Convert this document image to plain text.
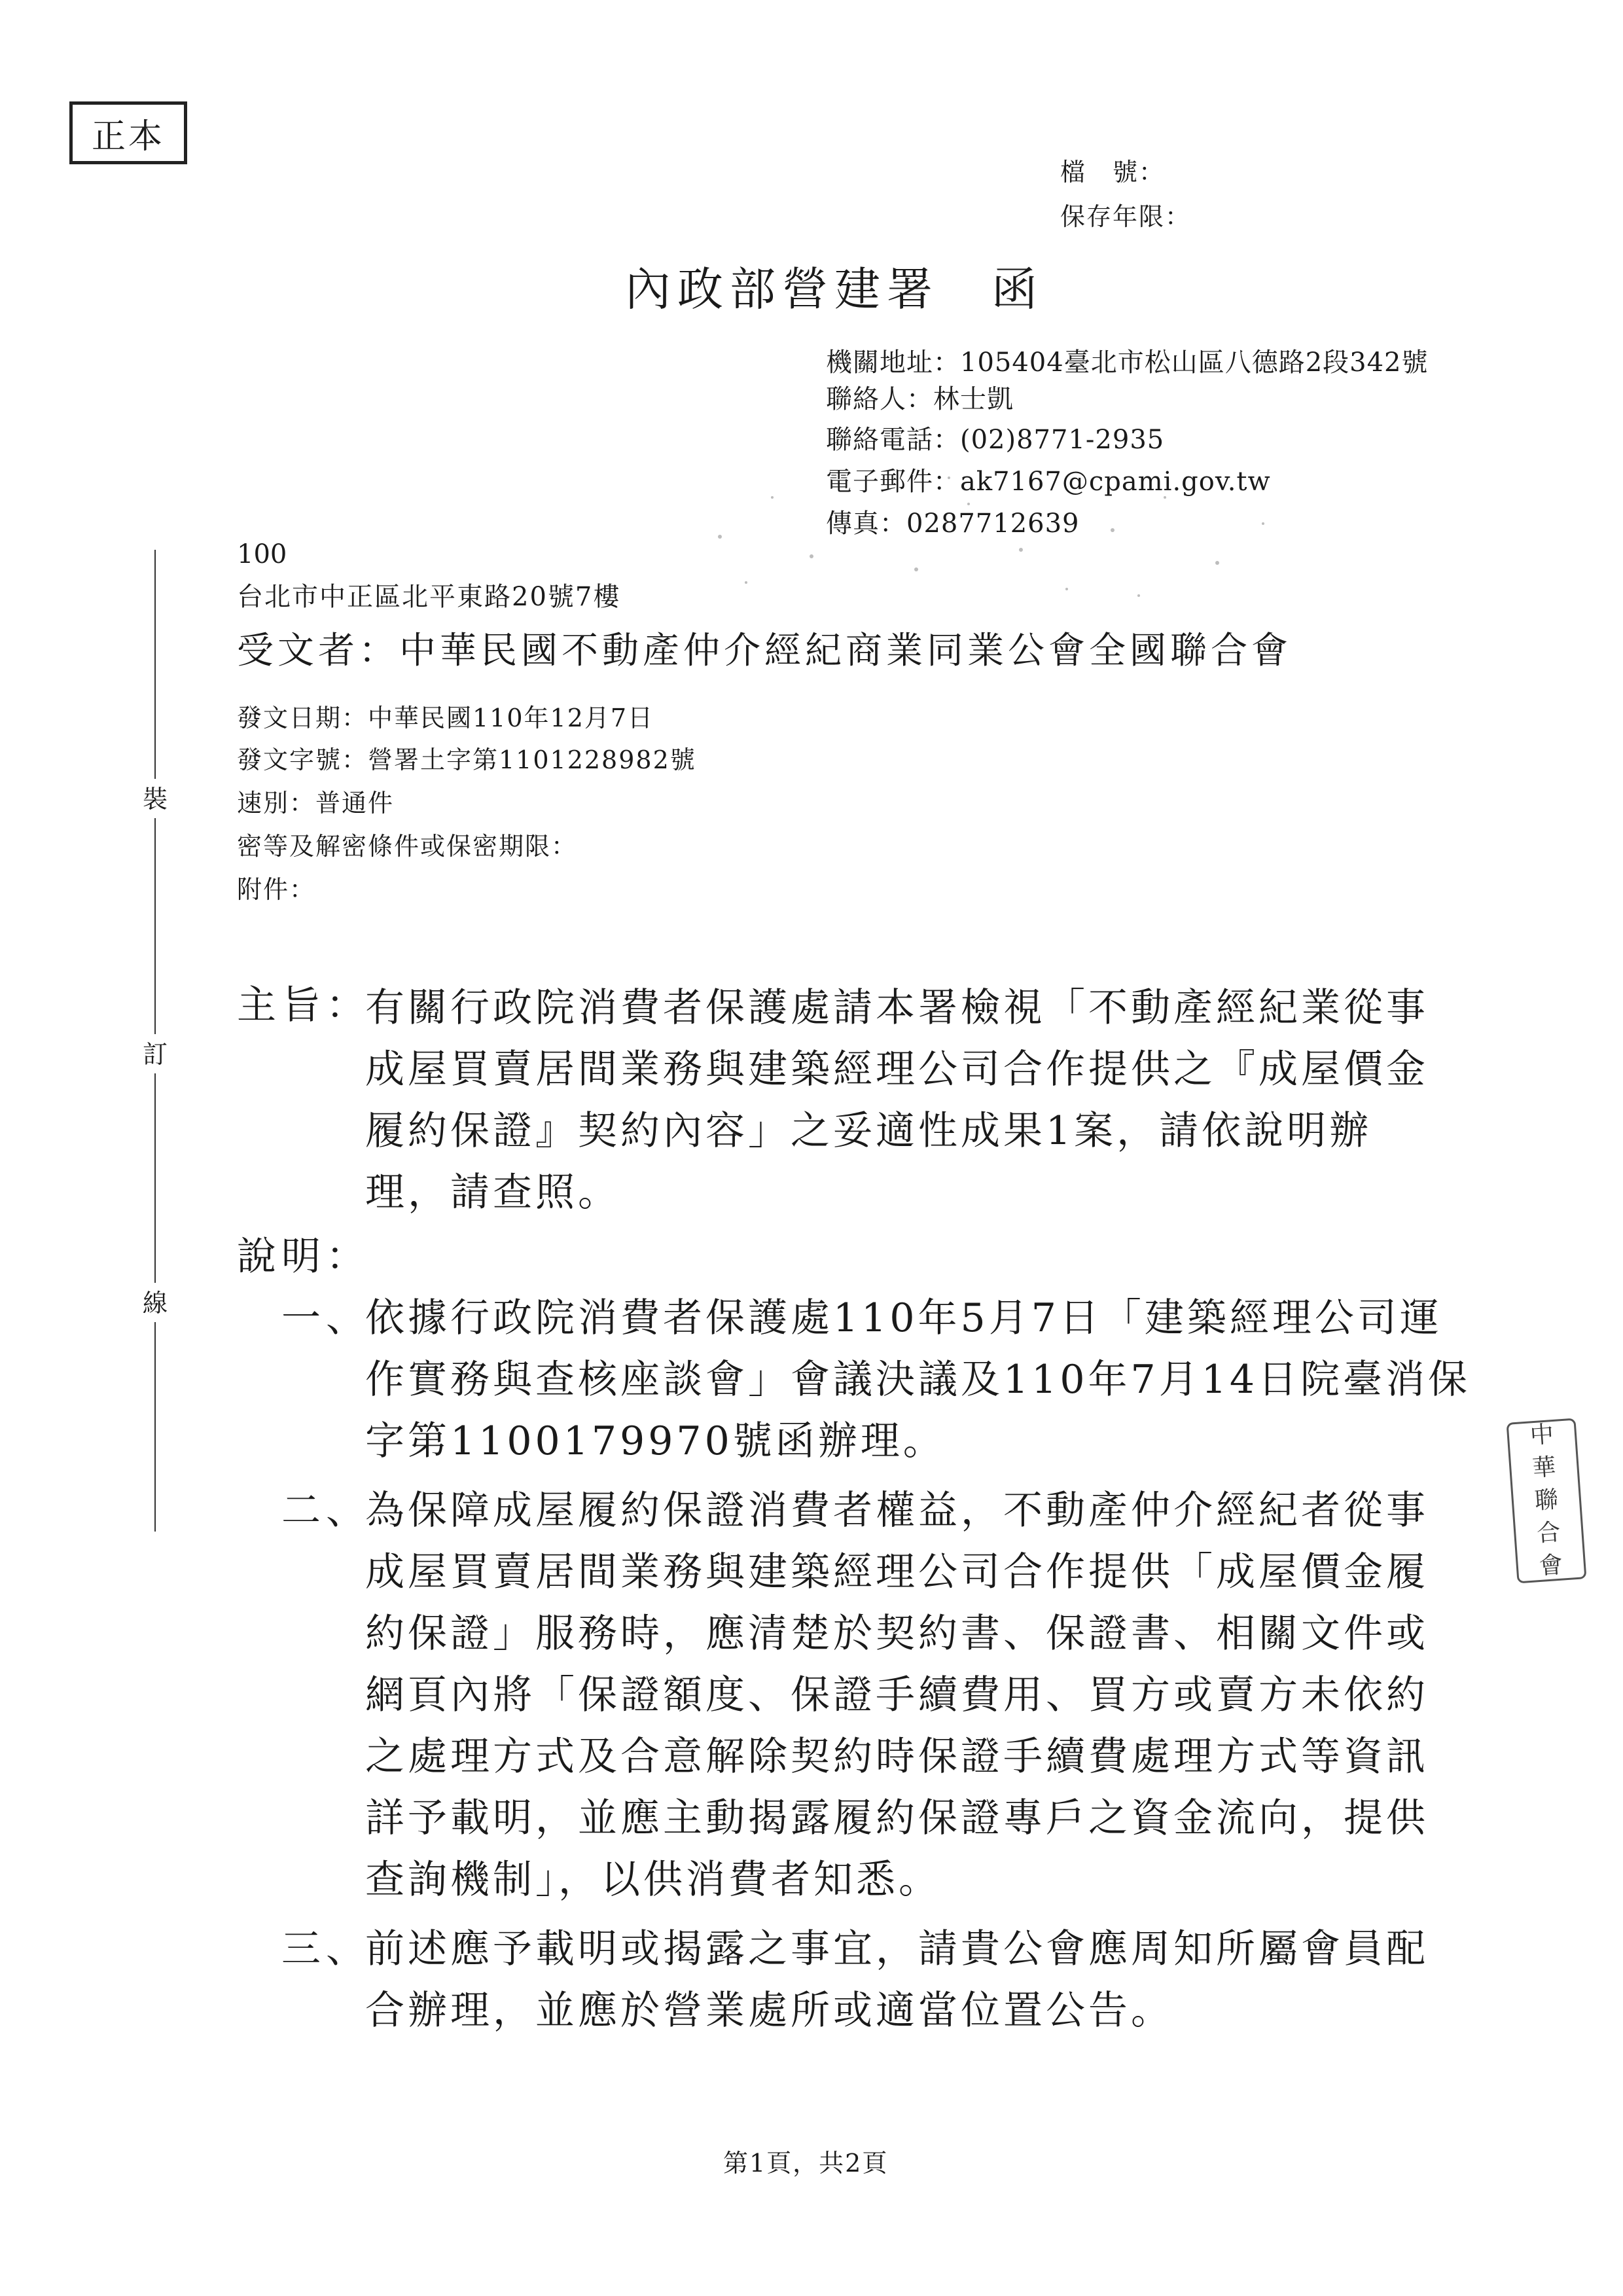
正本
檔　號：
保存年限：
內政部營建署　函
機關地址：105404臺北市松山區八德路2段342號
聯絡人：林士凱
聯絡電話：(02)8771-2935
電子郵件：ak7167@cpami.gov.tw
傳真：0287712639
裝
訂
線
100
台北市中正區北平東路20號7樓
受文者：中華民國不動產仲介經紀商業同業公會全國聯合會
發文日期：中華民國110年12月7日
發文字號：營署土字第1101228982號
速別：普通件
密等及解密條件或保密期限：
附件：
主旨：
有關行政院消費者保護處請本署檢視「不動產經紀業從事
成屋買賣居間業務與建築經理公司合作提供之『成屋價金
履約保證』契約內容」之妥適性成果1案，請依說明辦
理，請查照。
說明：
一、
依據行政院消費者保護處110年5月7日「建築經理公司運
作實務與查核座談會」會議決議及110年7月14日院臺消保
字第1100179970號函辦理。
二、
為保障成屋履約保證消費者權益，不動產仲介經紀者從事
成屋買賣居間業務與建築經理公司合作提供「成屋價金履
約保證」服務時，應清楚於契約書、保證書、相關文件或
網頁內將「保證額度、保證手續費用、買方或賣方未依約
之處理方式及合意解除契約時保證手續費處理方式等資訊
詳予載明，並應主動揭露履約保證專戶之資金流向，提供
查詢機制」，以供消費者知悉。
三、
前述應予載明或揭露之事宜，請貴公會應周知所屬會員配
合辦理，並應於營業處所或適當位置公告。
中
華
聯
合
會
第1頁，共2頁
